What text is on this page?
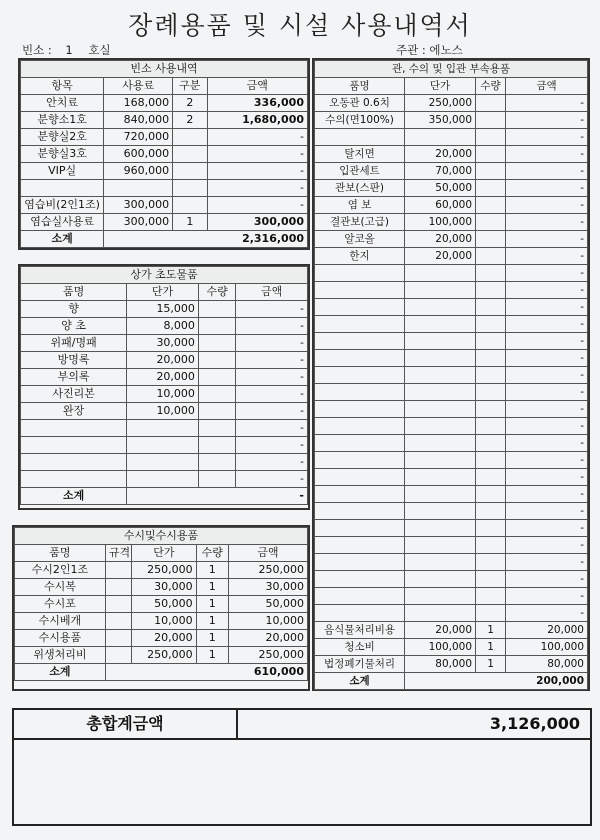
장례용품 및 시설 사용내역서
빈소 : 1 호실	주관 : 에노스
빈소 사용내역			
항목	사용료	구분	금액
안치료	168,000	2	336,000
분향소1호	840,000	2	1,680,000
분향실2호	720,000		-
분향실3호	600,000		-
VIP실	960,000		-
			-
염습비(2인1조)	300,000		-
염습실사용료	300,000	1	300,000
소계	2,316,000		
상가 초도물품			
품명	단가	수량	금액
향	15,000		-
양 초	8,000		-
위패/명패	30,000		-
방명록	20,000		-
부의록	20,000		-
사진리본	10,000		-
완장	10,000		-
			-
			-
			-
			-
소계	-		
수시및수시용품				
품명	규격	단가	수량	금액
수시2인1조		250,000	1	250,000
수시복		30,000	1	30,000
수시포		50,000	1	50,000
수시베개		10,000	1	10,000
수시용품		20,000	1	20,000
위생처리비		250,000	1	250,000
소계	610,000			
관, 수의 및 입관 부속용품			
품명	단가	수량	금액
오동관 0.6치	250,000		-
수의(면100%)	350,000		-
			-
탈지면	20,000		-
입관세트	70,000		-
관보(스판)	50,000		-
염 보	60,000		-
결관보(고급)	100,000		-
알코올	20,000		-
한지	20,000		-
			-
			-
			-
			-
			-
			-
			-
			-
			-
			-
			-
			-
			-
			-
			-
			-
			-
			-
			-
			-
			-
음식물처리비용	20,000	1	20,000
청소비	100,000	1	100,000
법정폐기물처리	80,000	1	80,000
소계	200,000		
총합계금액	3,126,000
